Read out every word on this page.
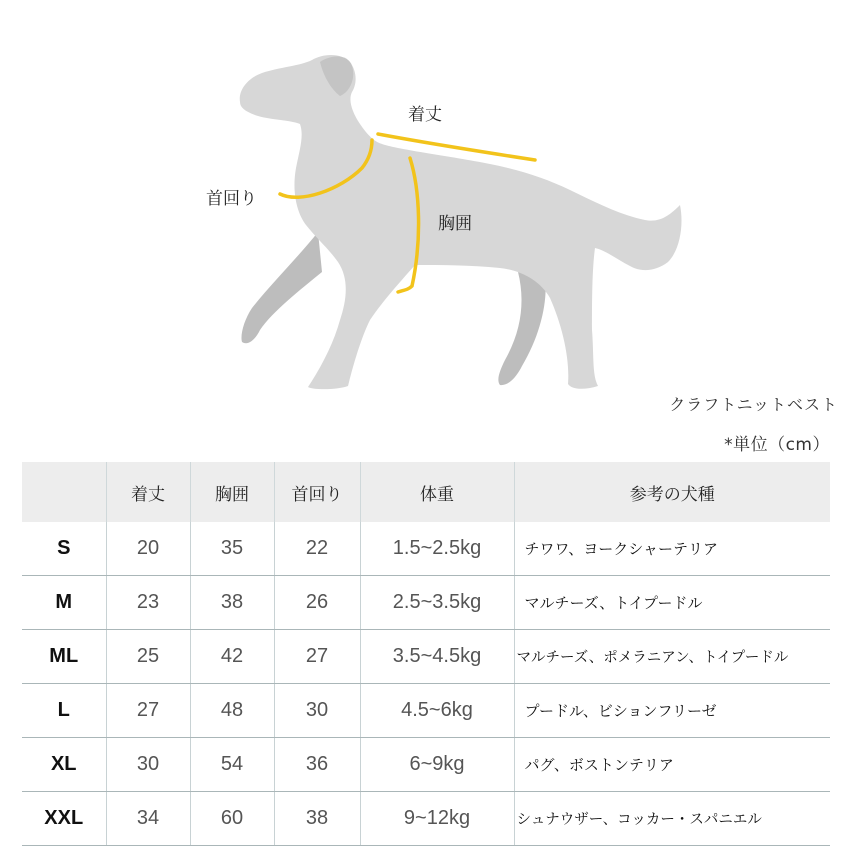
着丈
首回り
胸囲
クラフトニットベスト
*単位（cm）
	着丈	胸囲	首回り	体重	参考の犬種
S	20	35	22	1.5~2.5kg	チワワ、ヨークシャーテリア
M	23	38	26	2.5~3.5kg	マルチーズ、トイプードル
ML	25	42	27	3.5~4.5kg	マルチーズ、ポメラニアン、トイプードル
L	27	48	30	4.5~6kg	プードル、ビションフリーゼ
XL	30	54	36	6~9kg	パグ、ボストンテリア
XXL	34	60	38	9~12kg	シュナウザー、コッカー・スパニエル
